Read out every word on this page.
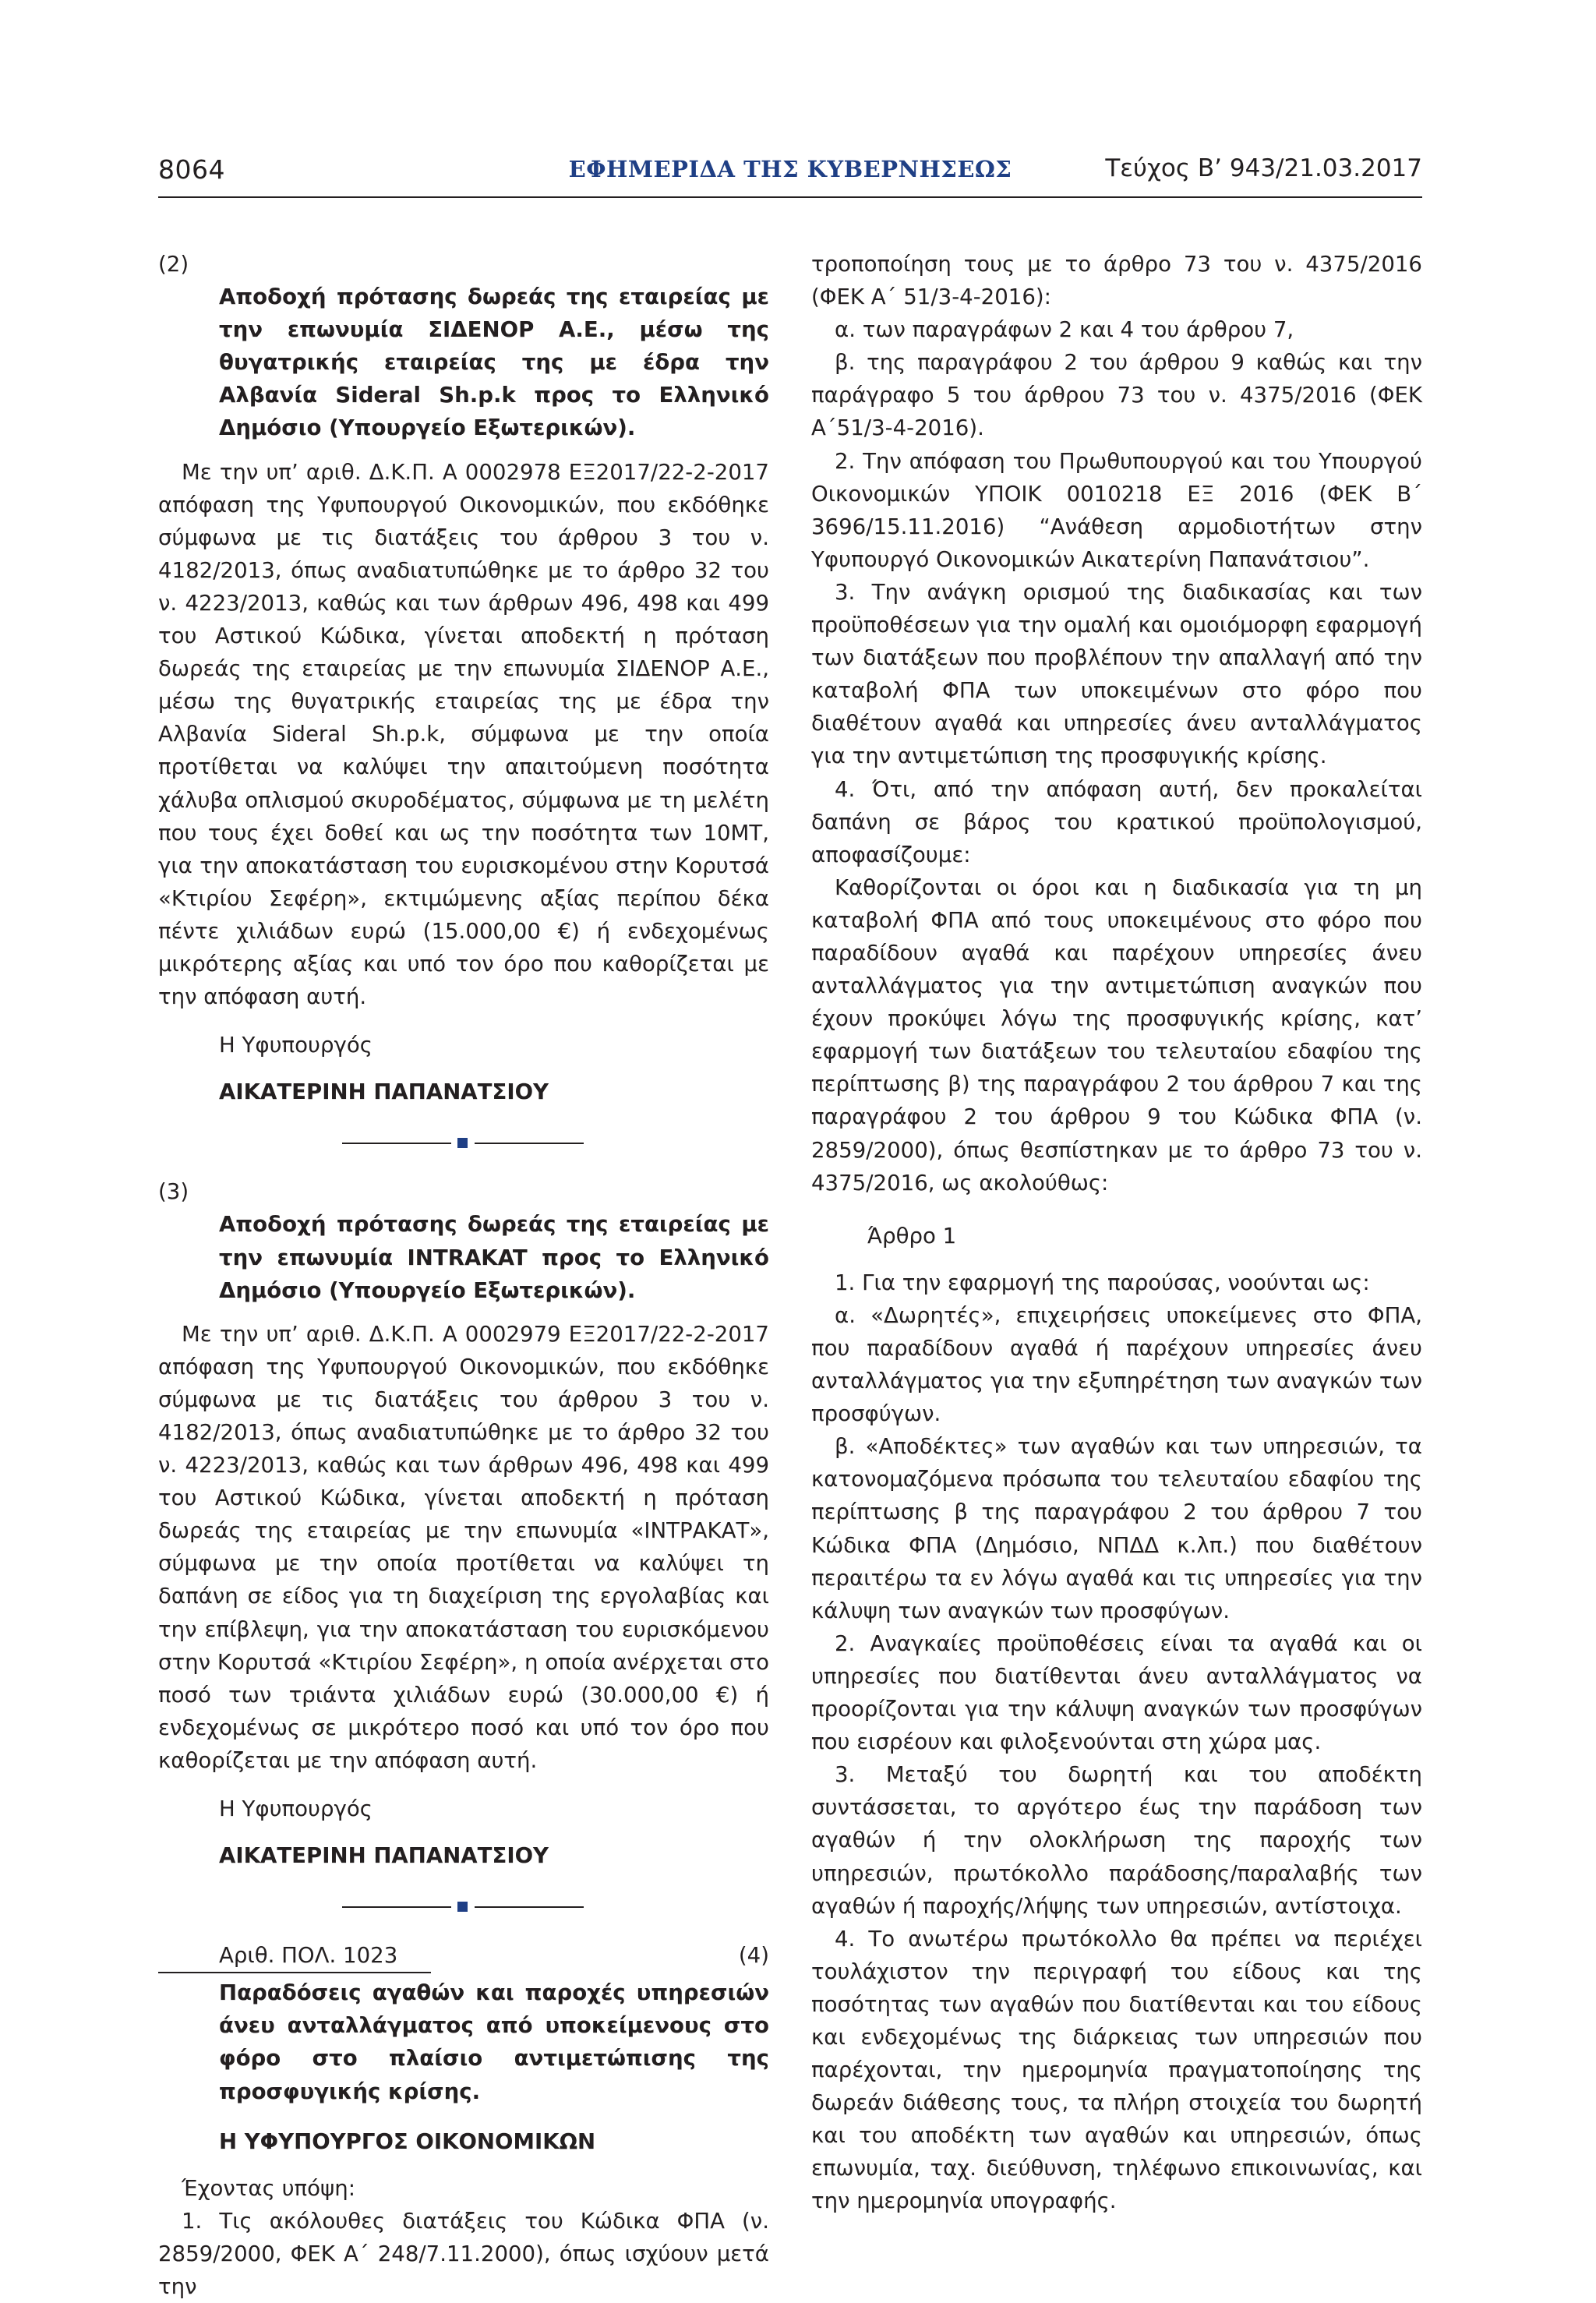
8064	ΕΦΗΜΕΡΙΔΑ ΤΗΣ ΚΥΒΕΡΝΗΣΕΩΣ	Τεύχος B’ 943/21.03.2017

(2)

Αποδοχή πρότασης δωρεάς της εταιρείας με την επωνυμία ΣΙΔΕΝΟΡ Α.Ε., μέσω της θυγατρικής εταιρείας της με έδρα την Αλβανία Sideral Sh.p.k προς το Ελληνικό Δημόσιο (Υπουργείο Εξωτερικών).

Με την υπ’ αριθ. Δ.Κ.Π. Α 0002978 ΕΞ2017/22-2-2017 απόφαση της Υφυπουργού Οικονομικών, που εκδόθηκε σύμφωνα με τις διατάξεις του άρθρου 3 του ν. 4182/2013, όπως αναδιατυπώθηκε με το άρθρο 32 του ν. 4223/2013, καθώς και των άρθρων 496, 498 και 499 του Αστικού Κώδικα, γίνεται αποδεκτή η πρόταση δωρεάς της εταιρείας με την επωνυμία ΣΙΔΕΝΟΡ Α.Ε., μέσω της θυγατρικής εταιρείας της με έδρα την Αλβανία Sideral Sh.p.k, σύμφωνα με την οποία προτίθεται να καλύψει την απαιτούμενη ποσότητα χάλυβα οπλισμού σκυροδέματος, σύμφωνα με τη μελέτη που τους έχει δοθεί και ως την ποσότητα των 10ΜΤ, για την αποκατάσταση του ευρισκομένου στην Κορυτσά «Κτιρίου Σεφέρη», εκτιμώμενης αξίας περίπου δέκα πέντε χιλιάδων ευρώ (15.000,00 €) ή ενδεχομένως μικρότερης αξίας και υπό τον όρο που καθορίζεται με την απόφαση αυτή.

Η Υφυπουργός

ΑΙΚΑΤΕΡΙΝΗ ΠΑΠΑΝΑΤΣΙΟΥ

(3)

Αποδοχή πρότασης δωρεάς της εταιρείας με την επωνυμία INTRAKAT προς το Ελληνικό Δημόσιο (Υπουργείο Εξωτερικών).

Με την υπ’ αριθ. Δ.Κ.Π. Α 0002979 ΕΞ2017/22-2-2017 απόφαση της Υφυπουργού Οικονομικών, που εκδόθηκε σύμφωνα με τις διατάξεις του άρθρου 3 του ν. 4182/2013, όπως αναδιατυπώθηκε με το άρθρο 32 του ν. 4223/2013, καθώς και των άρθρων 496, 498 και 499 του Αστικού Κώδικα, γίνεται αποδεκτή η πρόταση δωρεάς της εταιρείας με την επωνυμία «ΙΝΤΡΑΚΑΤ», σύμφωνα με την οποία προτίθεται να καλύψει τη δαπάνη σε είδος για τη διαχείριση της εργολαβίας και την επίβλεψη, για την αποκατάσταση του ευρισκόμενου στην Κορυτσά «Κτιρίου Σεφέρη», η οποία ανέρχεται στο ποσό των τριάντα χιλιάδων ευρώ (30.000,00 €) ή ενδεχομένως σε μικρότερο ποσό και υπό τον όρο που καθορίζεται με την απόφαση αυτή.

Η Υφυπουργός

ΑΙΚΑΤΕΡΙΝΗ ΠΑΠΑΝΑΤΣΙΟΥ

Αριθ. ΠΟΛ. 1023	(4)

Παραδόσεις αγαθών και παροχές υπηρεσιών άνευ ανταλλάγματος από υποκείμενους στο φόρο στο πλαίσιο αντιμετώπισης της προσφυγικής κρίσης.

Η ΥΦΥΠΟΥΡΓΟΣ ΟΙΚΟΝΟΜΙΚΩΝ

Έχοντας υπόψη:

1. Τις ακόλουθες διατάξεις του Κώδικα ΦΠΑ (ν. 2859/2000, ΦΕΚ Α΄ 248/7.11.2000), όπως ισχύουν μετά την

τροποποίηση τους με το άρθρο 73 του ν. 4375/2016 (ΦΕΚ Α΄ 51/3-4-2016):

α. των παραγράφων 2 και 4 του άρθρου 7,

β. της παραγράφου 2 του άρθρου 9 καθώς και την παράγραφο 5 του άρθρου 73 του ν. 4375/2016 (ΦΕΚ Α΄51/3-4-2016).

2. Την απόφαση του Πρωθυπουργού και του Υπουργού Οικονομικών ΥΠΟΙΚ 0010218 ΕΞ 2016 (ΦΕΚ Β΄ 3696/15.11.2016) “Ανάθεση αρμοδιοτήτων στην Υφυπουργό Οικονομικών Αικατερίνη Παπανάτσιου”.

3. Την ανάγκη ορισμού της διαδικασίας και των προϋποθέσεων για την ομαλή και ομοιόμορφη εφαρμογή των διατάξεων που προβλέπουν την απαλλαγή από την καταβολή ΦΠΑ των υποκειμένων στο φόρο που διαθέτουν αγαθά και υπηρεσίες άνευ ανταλλάγματος για την αντιμετώπιση της προσφυγικής κρίσης.

4. Ότι, από την απόφαση αυτή, δεν προκαλείται δαπάνη σε βάρος του κρατικού προϋπολογισμού, αποφασίζουμε:

Καθορίζονται οι όροι και η διαδικασία για τη μη καταβολή ΦΠΑ από τους υποκειμένους στο φόρο που παραδίδουν αγαθά και παρέχουν υπηρεσίες άνευ ανταλλάγματος για την αντιμετώπιση αναγκών που έχουν προκύψει λόγω της προσφυγικής κρίσης, κατ’ εφαρμογή των διατάξεων του τελευταίου εδαφίου της περίπτωσης β) της παραγράφου 2 του άρθρου 7 και της παραγράφου 2 του άρθρου 9 του Κώδικα ΦΠΑ (ν. 2859/2000), όπως θεσπίστηκαν με το άρθρο 73 του ν. 4375/2016, ως ακολούθως:

Άρθρο 1

1. Για την εφαρμογή της παρούσας, νοούνται ως:

α. «Δωρητές», επιχειρήσεις υποκείμενες στο ΦΠΑ, που παραδίδουν αγαθά ή παρέχουν υπηρεσίες άνευ ανταλλάγματος για την εξυπηρέτηση των αναγκών των προσφύγων.

β. «Αποδέκτες» των αγαθών και των υπηρεσιών, τα κατονομαζόμενα πρόσωπα του τελευταίου εδαφίου της περίπτωσης β της παραγράφου 2 του άρθρου 7 του Κώδικα ΦΠΑ (Δημόσιο, ΝΠΔΔ κ.λπ.) που διαθέτουν περαιτέρω τα εν λόγω αγαθά και τις υπηρεσίες για την κάλυψη των αναγκών των προσφύγων.

2. Αναγκαίες προϋποθέσεις είναι τα αγαθά και οι υπηρεσίες που διατίθενται άνευ ανταλλάγματος να προορίζονται για την κάλυψη αναγκών των προσφύγων που εισρέουν και φιλοξενούνται στη χώρα μας.

3. Μεταξύ του δωρητή και του αποδέκτη συντάσσεται, το αργότερο έως την παράδοση των αγαθών ή την ολοκλήρωση της παροχής των υπηρεσιών, πρωτόκολλο παράδοσης/παραλαβής των αγαθών ή παροχής/λήψης των υπηρεσιών, αντίστοιχα.

4. Το ανωτέρω πρωτόκολλο θα πρέπει να περιέχει τουλάχιστον την περιγραφή του είδους και της ποσότητας των αγαθών που διατίθενται και του είδους και ενδεχομένως της διάρκειας των υπηρεσιών που παρέχονται, την ημερομηνία πραγματοποίησης της δωρεάν διάθεσης τους, τα πλήρη στοιχεία του δωρητή και του αποδέκτη των αγαθών και υπηρεσιών, όπως επωνυμία, ταχ. διεύθυνση, τηλέφωνο επικοινωνίας, και την ημερομηνία υπογραφής.
